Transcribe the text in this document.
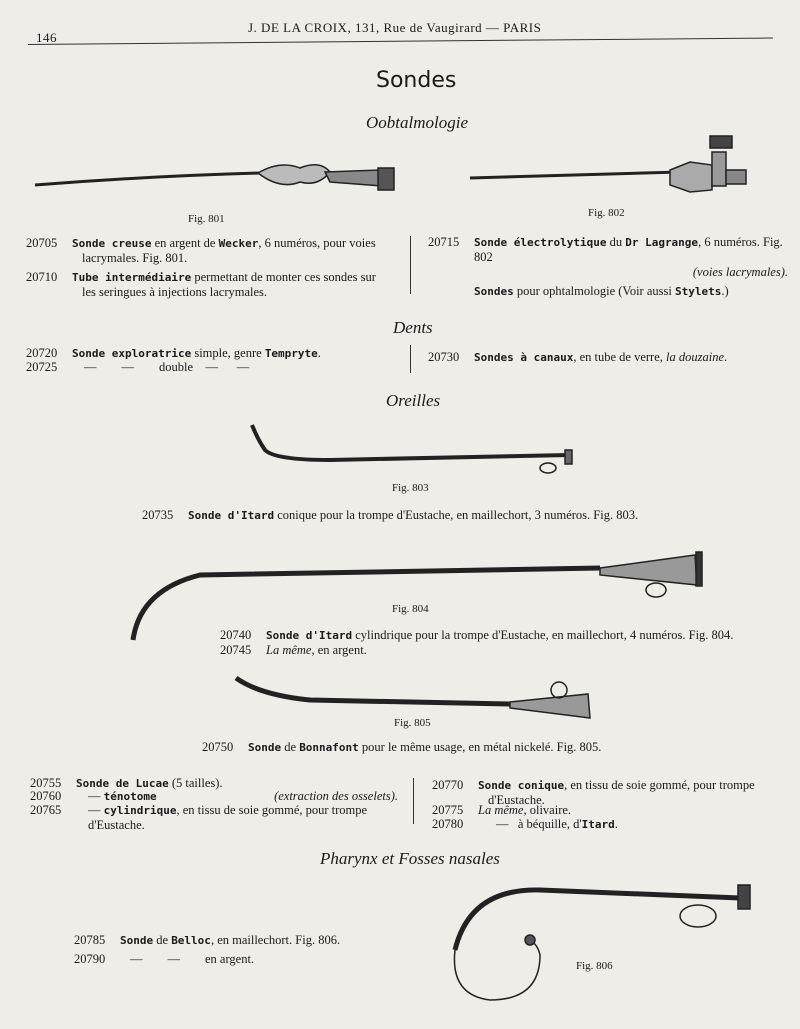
146
J. DE LA CROIX, 131, Rue de Vaugirard — PARIS
Sondes
Oobtalmologie
Fig. 801	Fig. 802
Fig. 803
Fig. 804
Fig. 805
Fig. 806
20705 Sonde creuse en argent de Wecker, 6 numéros, pour voies
lacrymales. Fig. 801.
20710 Tube intermédiaire permettant de monter ces sondes sur
les seringues à injections lacrymales.
20715 Sonde électrolytique du Dr Lagrange, 6 numéros. Fig. 802

(voies lacrymales).
Sondes pour ophtalmologie (Voir aussi Stylets.)
Dents
20720 Sonde exploratrice simple, genre Tempryte.
20725 —        —        double    —      —
20730 Sondes à canaux, en tube de verre, la douzaine.
Oreilles
20735 Sonde d'Itard conique pour la trompe d'Eustache, en maillechort, 3 numéros. Fig. 803.
20740 Sonde d'Itard cylindrique pour la trompe d'Eustache, en maillechort, 4 numéros. Fig. 804.
20745 La même, en argent.
20750 Sonde de Bonnafont pour le même usage, en métal nickelé. Fig. 805.
20755 Sonde de Lucae (5 tailles).
20760 — ténotome	(extraction des osselets).
20765 — cylindrique, en tissu de soie gommé, pour trompe
d'Eustache.
20770 Sonde conique, en tissu de soie gommé, pour trompe
d'Eustache.
20775 La même, olivaire.
20780	— à béquille, d'Itard.
Pharynx et Fosses nasales
20785 Sonde de Belloc, en maillechort. Fig. 806.
20790 —        —        en argent.
